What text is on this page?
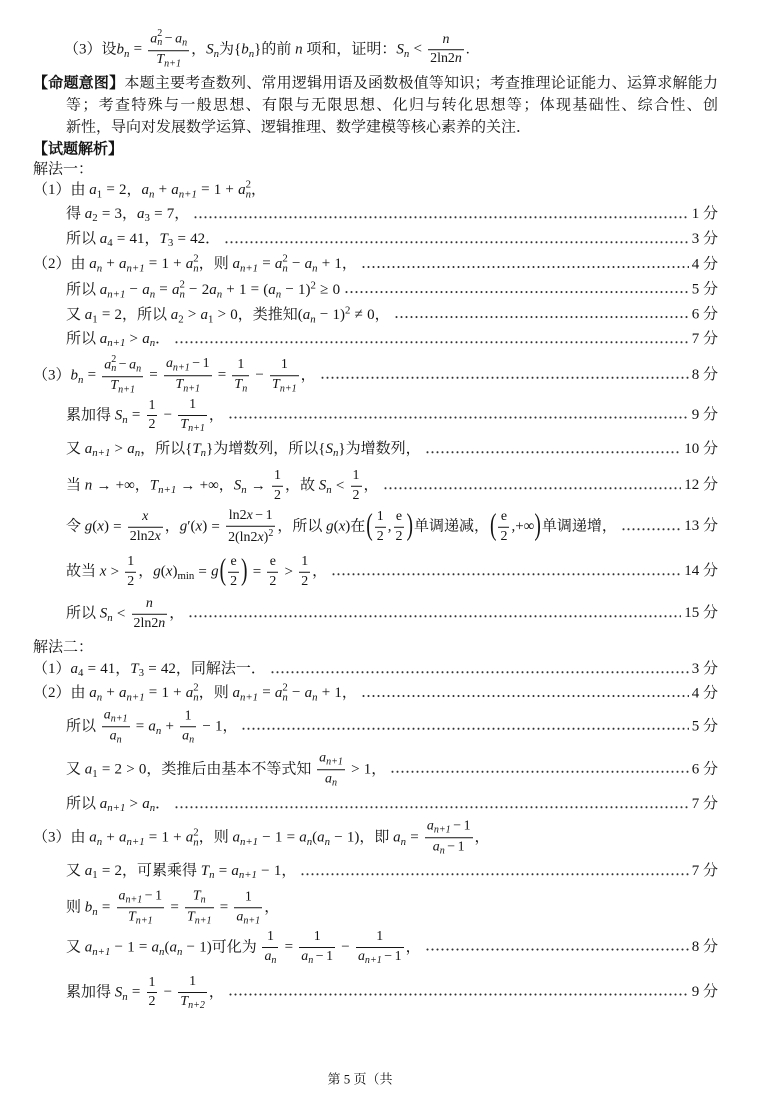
（3）设$b_n = a$ 2
$n - a_n$
$T_{n+1}$ ，$S_n$为$\{b_n\}$的前 n 项和，证明：$S_n < \frac{n}{2\ln 2n}$ .
【命题意图】本题主要考查数列、常用逻辑用语及函数极值等知识；考查推理论证能力、运算求解能力
等；考查特殊与一般思想、有限与无限思想、化归与转化思想等；体现基础性、综合性、创
新性，导向对发展数学运算、逻辑推理、数学建模等核心素养的关注．
【试题解析】
解法一：
（1）由 $a_1 = 2$，$a_n + a_{n+1} = 1 + a$ 2
n ，
得 $a_2 = 3$，$a_3 = 7$，	1 分
所以 $a_4 = 41$，$T_3 = 42$．	3 分
（2）由 $a_n + a_{n+1} = 1 + a$ 2
n ，则 $a_{n+1} = a$ 2
$n - a_n + 1$，	4 分
所以 $a_{n+1} - a_n = a$ 2
$n - 2a_n + 1 = (a_n - 1)^2 \ge 0$	5 分
又 $a_1 = 2$，所以 $a_2 > a_1 > 0$，类推知$(a_n - 1)^2 \ne 0$，	6 分
所以 $a_{n+1} > a_n$．	7 分
$(3)b_n = a$ 2
$n - a_n$
$T_{n+1} = \frac{a_{n+1} - 1}{T_{n+1}} = \frac{1}{T_n} - \frac{1}{T_{n+1}}$ ，	8 分
累加得 $S_n = \frac{1}{2} - \frac{1}{T_{n+1}}$ ，	9 分
又 $a_{n+1} > a_n$，所以$\{T_n\}$为增数列，所以$\{S_n\}$为增数列，	10 分
当 n → +∞，$T_{n+1}$ → +∞，$S_n \to \frac{1}{2}$ ，故 $S_n < \frac{1}{2}$ ，	12 分
令 $g(x) = \frac{x}{2\ln 2x}$ ，$g'(x) = \frac{\ln 2x - 1}{2(\ln 2x)^2}$ ，所以 g(x)在 ( $\frac{1}{2}$ , $\frac{e}{2}$ ) 单调递减， ( $\frac{e}{2}$ ,+∞ ) 单调递增，	13 分
故当 $x > \frac{1}{2}$ ，$g(x)_{min} = g$ ( $\frac{e}{2}$ ) = $\frac{e}{2} > \frac{1}{2}$ ，	14 分
所以 $S_n < \frac{n}{2\ln 2n}$ ，	15 分
解法二：
$(1)a_4 = 41$，$T_3 = 42$，同解法一．	3 分
（2）由 $a_n + a_{n+1} = 1 + a$ 2
n ，则 $a_{n+1} = a$ 2
$n - a_n + 1$，	4 分
所以 $\frac{a_{n+1}}{a_n} = a_n + \frac{1}{a_n} - 1$，	5 分
又 $a_1 = 2 > 0$，类推后由基本不等式知 $\frac{a_{n+1}}{a_n} > 1$，	6 分
所以 $a_{n+1} > a_n$．	7 分
（3）由 $a_n + a_{n+1} = 1 + a$ 2
n ，则 $a_{n+1} - 1 = a_n(a_n - 1)$，即 $a_n = \frac{a_{n+1} - 1}{a_n - 1}$ ，
又 $a_1 = 2$，可累乘得 $T_n = a_{n+1} - 1$，	7 分
则 $b_n = \frac{a_{n+1} - 1}{T_{n+1}} = \frac{T_n}{T_{n+1}} = \frac{1}{a_{n+1}}$ ，
又 $a_{n+1} - 1 = a_n(a_n - 1)$可化为 $\frac{1}{a_n} = \frac{1}{a_n - 1} - \frac{1}{a_{n+1} - 1}$ ，	8 分
累加得 $S_n = \frac{1}{2} - \frac{1}{T_{n+2}}$ ，	9 分
第 5 页（共
